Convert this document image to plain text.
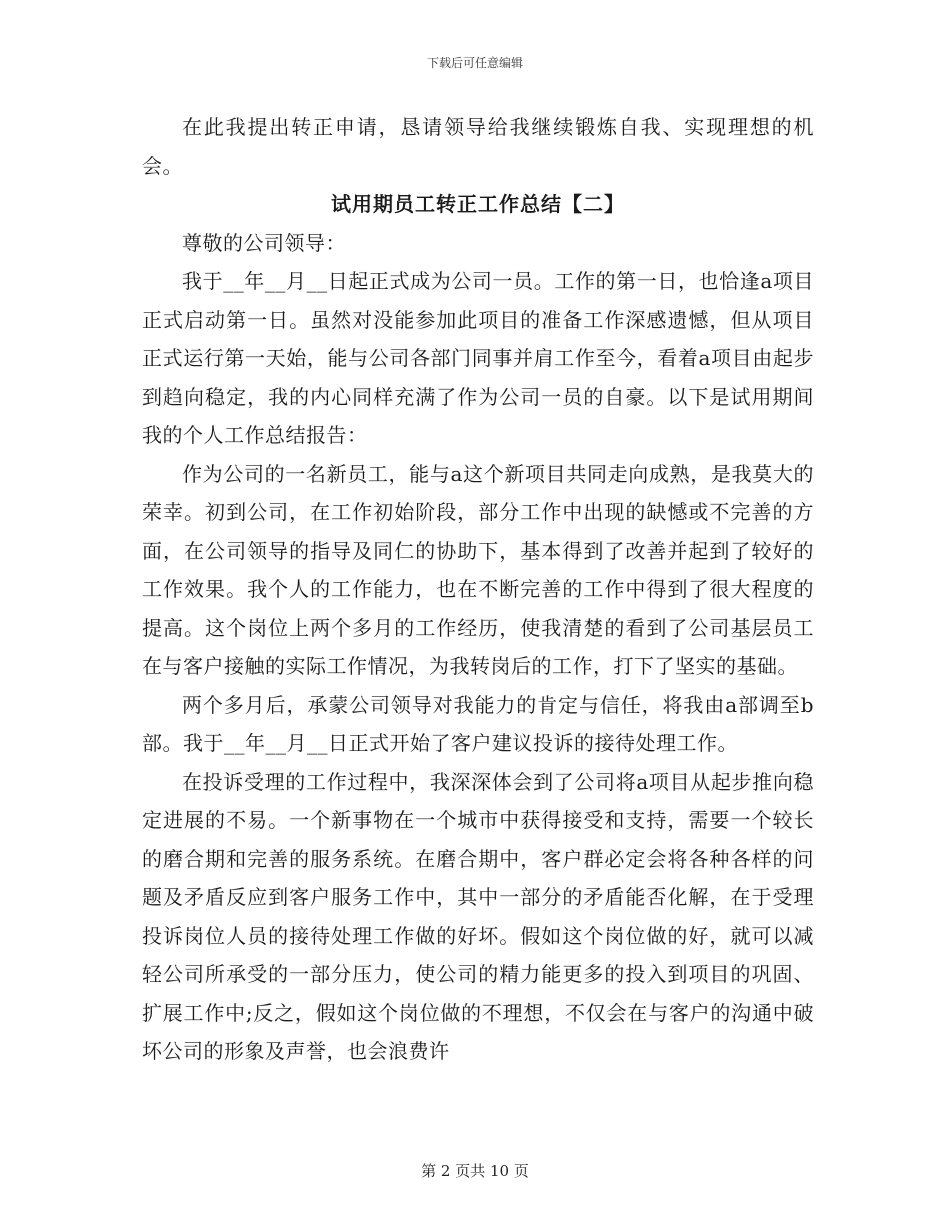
下载后可任意编辑

在此我提出转正申请，恳请领导给我继续锻炼自我、实现理想的机会。

试用期员工转正工作总结【二】

尊敬的公司领导：

我于__年__月__日起正式成为公司一员。工作的第一日，也恰逢a项目正式启动第一日。虽然对没能参加此项目的准备工作深感遗憾，但从项目正式运行第一天始，能与公司各部门同事并肩工作至今，看着a项目由起步到趋向稳定，我的内心同样充满了作为公司一员的自豪。以下是试用期间我的个人工作总结报告：

作为公司的一名新员工，能与a这个新项目共同走向成熟，是我莫大的荣幸。初到公司，在工作初始阶段，部分工作中出现的缺憾或不完善的方面，在公司领导的指导及同仁的协助下，基本得到了改善并起到了较好的工作效果。我个人的工作能力，也在不断完善的工作中得到了很大程度的提高。这个岗位上两个多月的工作经历，使我清楚的看到了公司基层员工在与客户接触的实际工作情况，为我转岗后的工作，打下了坚实的基础。

两个多月后，承蒙公司领导对我能力的肯定与信任，将我由a部调至b部。我于__年__月__日正式开始了客户建议投诉的接待处理工作。

在投诉受理的工作过程中，我深深体会到了公司将a项目从起步推向稳定进展的不易。一个新事物在一个城市中获得接受和支持，需要一个较长的磨合期和完善的服务系统。在磨合期中，客户群必定会将各种各样的问题及矛盾反应到客户服务工作中，其中一部分的矛盾能否化解，在于受理投诉岗位人员的接待处理工作做的好坏。假如这个岗位做的好，就可以减轻公司所承受的一部分压力，使公司的精力能更多的投入到项目的巩固、扩展工作中;反之，假如这个岗位做的不理想，不仅会在与客户的沟通中破坏公司的形象及声誉，也会浪费许

第 2 页共 10 页
